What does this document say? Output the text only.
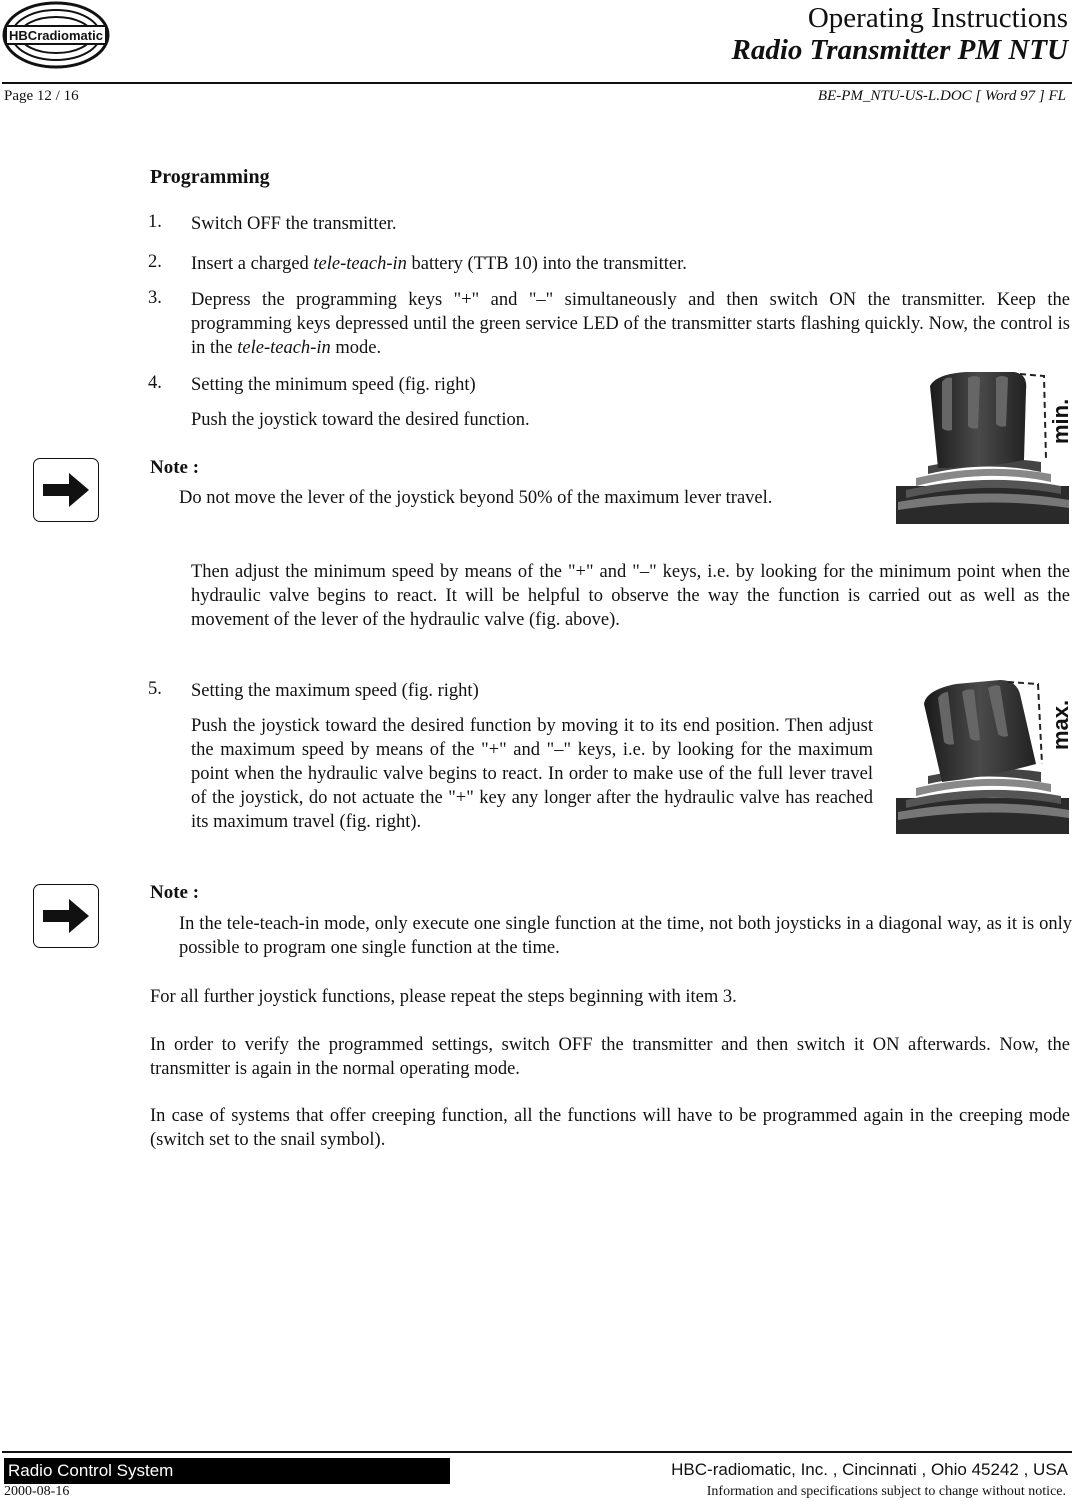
HBCradiomatic
Operating Instructions
Radio Transmitter PM NTU
Page 12 / 16	BE-PM_NTU-US-L.DOC [ Word 97 ] FL
Programming
1. Switch OFF the transmitter.
2. Insert a charged tele-teach-in battery (TTB 10) into the transmitter.
3. Depress the programming keys "+" and "–" simultaneously and then switch ON the transmitter. Keep the programming keys depressed until the green service LED of the transmitter starts flashing quickly. Now, the control is in the tele-teach-in mode.
4. Setting the minimum speed (fig. right)
Push the joystick toward the desired function.
Note :
Do not move the lever of the joystick beyond 50% of the maximum lever travel.
min.
Then adjust the minimum speed by means of the "+" and "–" keys, i.e. by looking for the minimum point when the hydraulic valve begins to react. It will be helpful to observe the way the function is carried out as well as the movement of the lever of the hydraulic valve (fig. above).
5. Setting the maximum speed (fig. right)
Push the joystick toward the desired function by moving it to its end position. Then adjust the maximum speed by means of the "+" and "–" keys, i.e. by looking for the maximum point when the hydraulic valve begins to react. In order to make use of the full lever travel of the joystick, do not actuate the "+" key any longer after the hydraulic valve has reached its maximum travel (fig. right).
max.
Note :
In the tele-teach-in mode, only execute one single function at the time, not both joysticks in a diagonal way, as it is only possible to program one single function at the time.
For all further joystick functions, please repeat the steps beginning with item 3.
In order to verify the programmed settings, switch OFF the transmitter and then switch it ON afterwards. Now, the transmitter is again in the normal operating mode.
In case of systems that offer creeping function, all the functions will have to be programmed again in the creeping mode (switch set to the snail symbol).
Radio Control System	HBC-radiomatic, Inc. , Cincinnati , Ohio 45242 , USA
2000-08-16	Information and specifications subject to change without notice.
